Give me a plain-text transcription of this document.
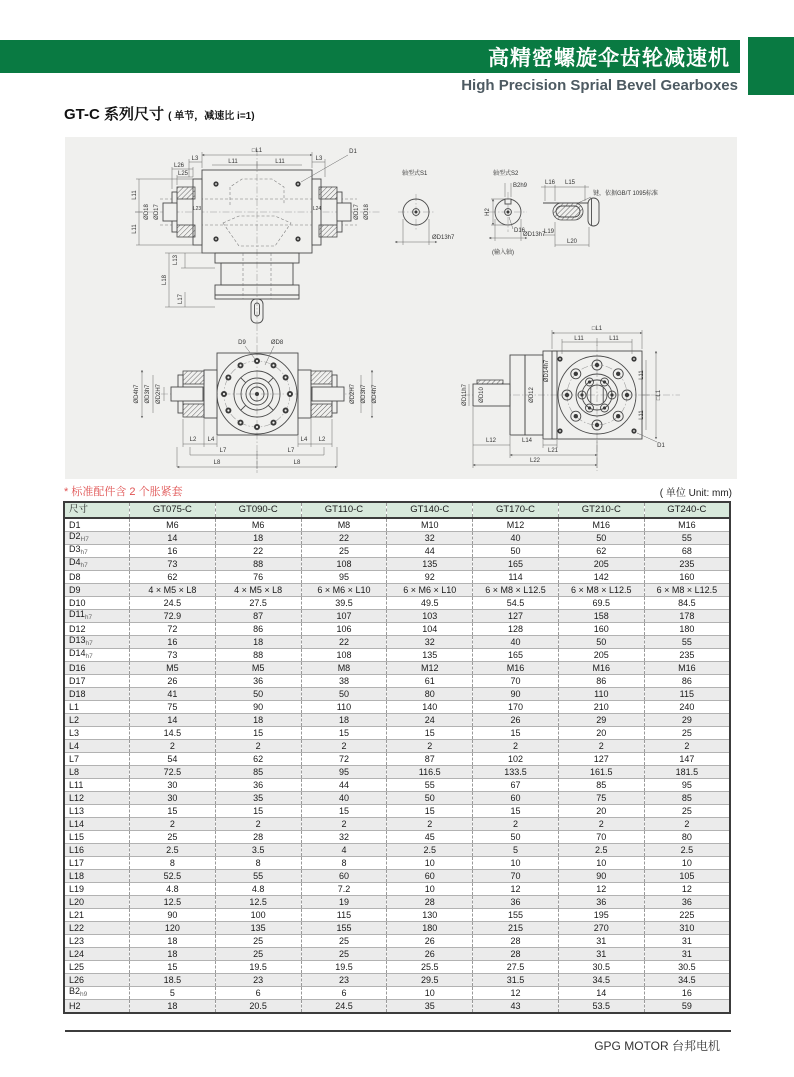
高精密螺旋伞齿轮减速机
High Precision Sprial Bevel Gearboxes
GT-C 系列尺寸 ( 单节，减速比 i=1)
□L1
L3	L3
D1
L11	L11
L26
L25
L11
L11
ØD18 ØD17	L23	L24	ØD17 ØD18
L13
L18
L17
轴型式S1
ØD13h7
轴型式S2
B2h9
H2
D16
ØD13h7
(输入轴)
L16 L15
键，依据GB/T 1095标准
L19
L20
D9	ØD8
ØD4h7 ØD3h7 ØD2H7	ØD2H7 ØD3h7 ØD4h7
L2 L4	L4 L2
L7	L7
L8	L8
□L1
L11	L11
ØD14h7
ØD11h7 ØD10	ØD12
L11
L11
□L1
D1
L12	L14
L21
L22
* 标准配件含 2 个胀紧套	( 单位 Unit: mm)
尺寸	GT075-C	GT090-C	GT110-C	GT140-C	GT170-C	GT210-C	GT240-C
D1	M6	M6	M8	M10	M12	M16	M16
$D2_{H7}$	14	18	22	32	40	50	55
$D3_{h7}$	16	22	25	44	50	62	68
$D4_{h7}$	73	88	108	135	165	205	235
D8	62	76	95	92	114	142	160
D9	4 × M5 × L8	4 × M5 × L8	6 × M6 × L10	6 × M6 × L10	6 × M8 × L12.5	6 × M8 × L12.5	6 × M8 × L12.5
D10	24.5	27.5	39.5	49.5	54.5	69.5	84.5
$D11_{h7}$	72.9	87	107	103	127	158	178
D12	72	86	106	104	128	160	180
$D13_{h7}$	16	18	22	32	40	50	55
$D14_{h7}$	73	88	108	135	165	205	235
D16	M5	M5	M8	M12	M16	M16	M16
D17	26	36	38	61	70	86	86
D18	41	50	50	80	90	110	115
L1	75	90	110	140	170	210	240
L2	14	18	18	24	26	29	29
L3	14.5	15	15	15	15	20	25
L4	2	2	2	2	2	2	2
L7	54	62	72	87	102	127	147
L8	72.5	85	95	116.5	133.5	161.5	181.5
L11	30	36	44	55	67	85	95
L12	30	35	40	50	60	75	85
L13	15	15	15	15	15	20	25
L14	2	2	2	2	2	2	2
L15	25	28	32	45	50	70	80
L16	2.5	3.5	4	2.5	5	2.5	2.5
L17	8	8	8	10	10	10	10
L18	52.5	55	60	60	70	90	105
L19	4.8	4.8	7.2	10	12	12	12
L20	12.5	12.5	19	28	36	36	36
L21	90	100	115	130	155	195	225
L22	120	135	155	180	215	270	310
L23	18	25	25	26	28	31	31
L24	18	25	25	26	28	31	31
L25	15	19.5	19.5	25.5	27.5	30.5	30.5
L26	18.5	23	23	29.5	31.5	34.5	34.5
$B2_{h9}$	5	6	6	10	12	14	16
H2	18	20.5	24.5	35	43	53.5	59
GPG MOTOR 台邦电机
